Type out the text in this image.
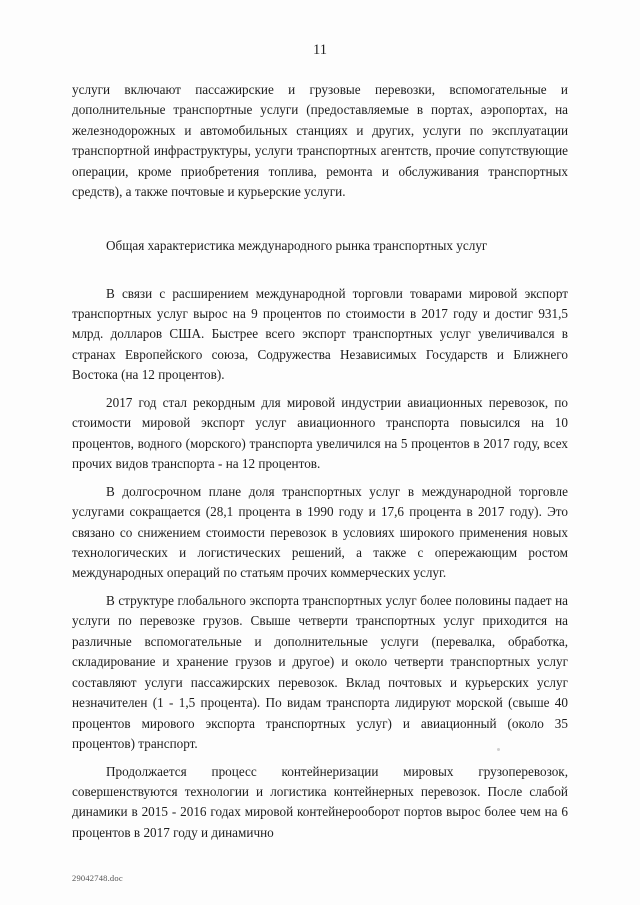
11

услуги включают пассажирские и грузовые перевозки, вспомогательные и дополнительные транспортные услуги (предоставляемые в портах, аэропортах, на железнодорожных и автомобильных станциях и других, услуги по эксплуатации транспортной инфраструктуры, услуги транспортных агентств, прочие сопутствующие операции, кроме приобретения топлива, ремонта и обслуживания транспортных средств), а также почтовые и курьерские услуги.

Общая характеристика международного рынка транспортных услуг

В связи с расширением международной торговли товарами мировой экспорт транспортных услуг вырос на 9 процентов по стоимости в 2017 году и достиг 931,5 млрд. долларов США. Быстрее всего экспорт транспортных услуг увеличивался в странах Европейского союза, Содружества Независимых Государств и Ближнего Востока (на 12 процентов).

2017 год стал рекордным для мировой индустрии авиационных перевозок, по стоимости мировой экспорт услуг авиационного транспорта повысился на 10 процентов, водного (морского) транспорта увеличился на 5 процентов в 2017 году, всех прочих видов транспорта - на 12 процентов.

В долгосрочном плане доля транспортных услуг в международной торговле услугами сокращается (28,1 процента в 1990 году и 17,6 процента в 2017 году). Это связано со снижением стоимости перевозок в условиях широкого применения новых технологических и логистических решений, а также с опережающим ростом международных операций по статьям прочих коммерческих услуг.

В структуре глобального экспорта транспортных услуг более половины падает на услуги по перевозке грузов. Свыше четверти транспортных услуг приходится на различные вспомогательные и дополнительные услуги (перевалка, обработка, складирование и хранение грузов и другое) и около четверти транспортных услуг составляют услуги пассажирских перевозок. Вклад почтовых и курьерских услуг незначителен (1 - 1,5 процента). По видам транспорта лидируют морской (свыше 40 процентов мирового экспорта транспортных услуг) и авиационный (около 35 процентов) транспорт.

Продолжается процесс контейнеризации мировых грузоперевозок, совершенствуются технологии и логистика контейнерных перевозок. После слабой динамики в 2015 - 2016 годах мировой контейнерооборот портов вырос более чем на 6 процентов в 2017 году и динамично

29042748.doc
